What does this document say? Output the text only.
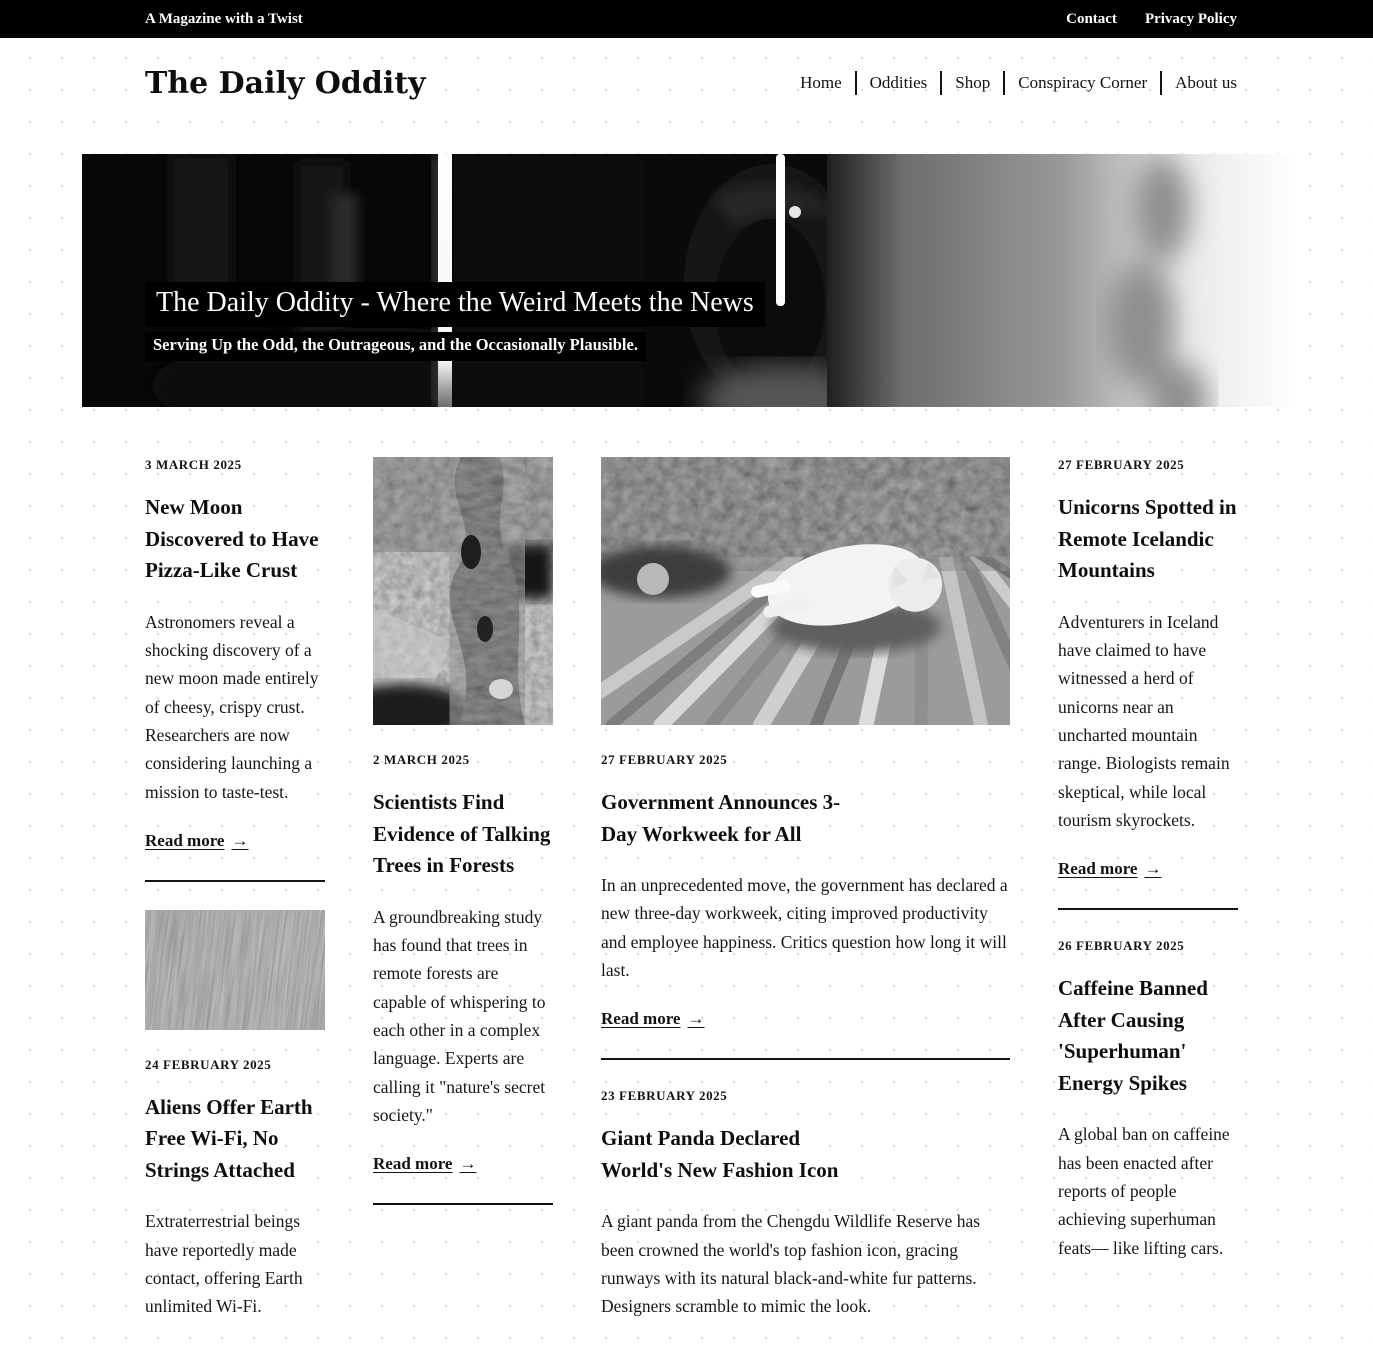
A Magazine with a Twist	Contact Privacy Policy
The Daily Oddity	Home	Oddities	Shop	Conspiracy Corner	About us
The Daily Oddity - Where the Weird Meets the News

Serving Up the Odd, the Outrageous, and the Occasionally Plausible.

3 MARCH 2025
New Moon Discovered to Have Pizza-Like Crust

Astronomers reveal a shocking discovery of a new moon made entirely of cheesy, crispy crust. Researchers are now considering launching a mission to taste-test.

Read more →
24 FEBRUARY 2025
Aliens Offer Earth Free Wi-Fi, No Strings Attached

Extraterrestrial beings have reportedly made contact, offering Earth unlimited Wi-Fi.

2 MARCH 2025
Scientists Find Evidence of Talking Trees in Forests

A groundbreaking study has found that trees in remote forests are capable of whispering to each other in a complex language. Experts are calling it "nature's secret society."

Read more →
27 FEBRUARY 2025
Government Announces 3-Day Workweek for All

In an unprecedented move, the government has declared a new three-day workweek, citing improved productivity and employee happiness. Critics question how long it will last.

Read more →
23 FEBRUARY 2025
Giant Panda Declared World's New Fashion Icon

A giant panda from the Chengdu Wildlife Reserve has been crowned the world's top fashion icon, gracing runways with its natural black-and-white fur patterns. Designers scramble to mimic the look.

27 FEBRUARY 2025
Unicorns Spotted in Remote Icelandic Mountains

Adventurers in Iceland have claimed to have witnessed a herd of unicorns near an uncharted mountain range. Biologists remain skeptical, while local tourism skyrockets.

Read more →
26 FEBRUARY 2025
Caffeine Banned After Causing 'Superhuman' Energy Spikes

A global ban on caffeine has been enacted after reports of people achieving superhuman feats— like lifting cars.
